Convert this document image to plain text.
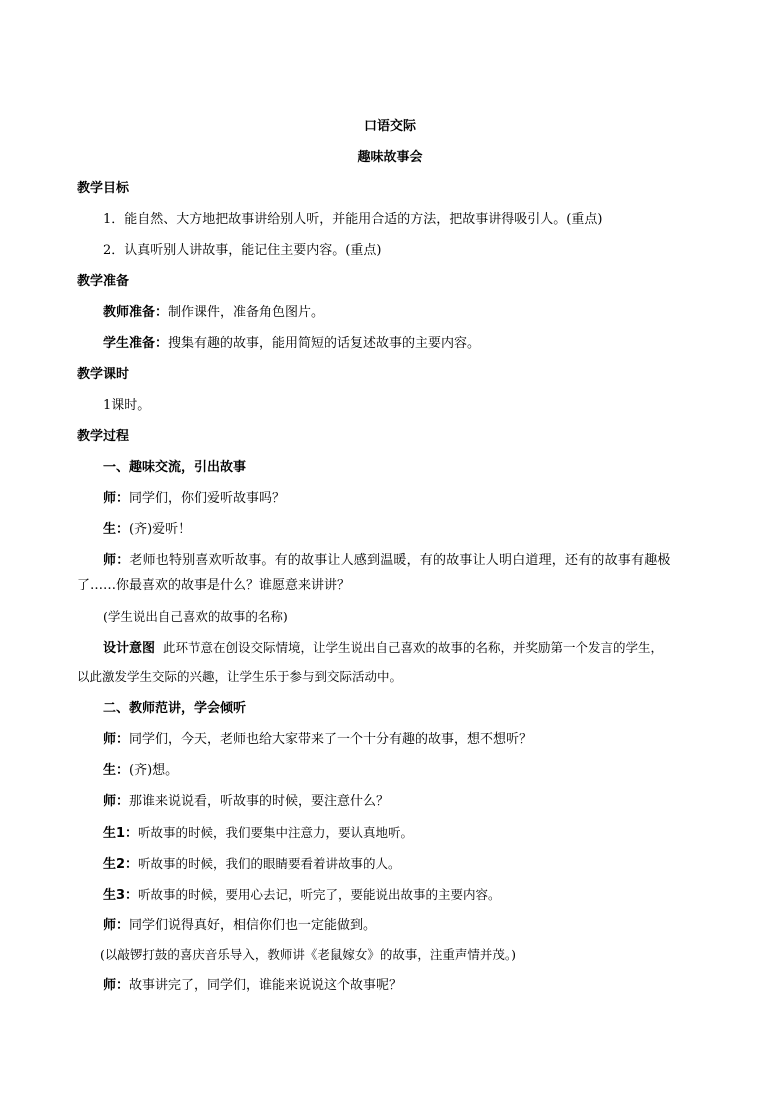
口语交际
趣味故事会
教学目标
1．能自然、大方地把故事讲给别人听，并能用合适的方法，把故事讲得吸引人。(重点)
2．认真听别人讲故事，能记住主要内容。(重点)
教学准备
教师准备：制作课件，准备角色图片。
学生准备：搜集有趣的故事，能用简短的话复述故事的主要内容。
教学课时
1课时。
教学过程
一、趣味交流，引出故事
师：同学们，你们爱听故事吗？
生：(齐)爱听！
师：老师也特别喜欢听故事。有的故事让人感到温暖，有的故事让人明白道理，还有的故事有趣极
了……你最喜欢的故事是什么？谁愿意来讲讲？
(学生说出自己喜欢的故事的名称)
设计意图 此环节意在创设交际情境，让学生说出自己喜欢的故事的名称，并奖励第一个发言的学生，
以此激发学生交际的兴趣，让学生乐于参与到交际活动中。
二、教师范讲，学会倾听
师：同学们，今天，老师也给大家带来了一个十分有趣的故事，想不想听？
生：(齐)想。
师：那谁来说说看，听故事的时候，要注意什么？
生1：听故事的时候，我们要集中注意力，要认真地听。
生2：听故事的时候，我们的眼睛要看着讲故事的人。
生3：听故事的时候，要用心去记，听完了，要能说出故事的主要内容。
师：同学们说得真好，相信你们也一定能做到。
(以敲锣打鼓的喜庆音乐导入，教师讲《老鼠嫁女》的故事，注重声情并茂。)
师：故事讲完了，同学们，谁能来说说这个故事呢？
